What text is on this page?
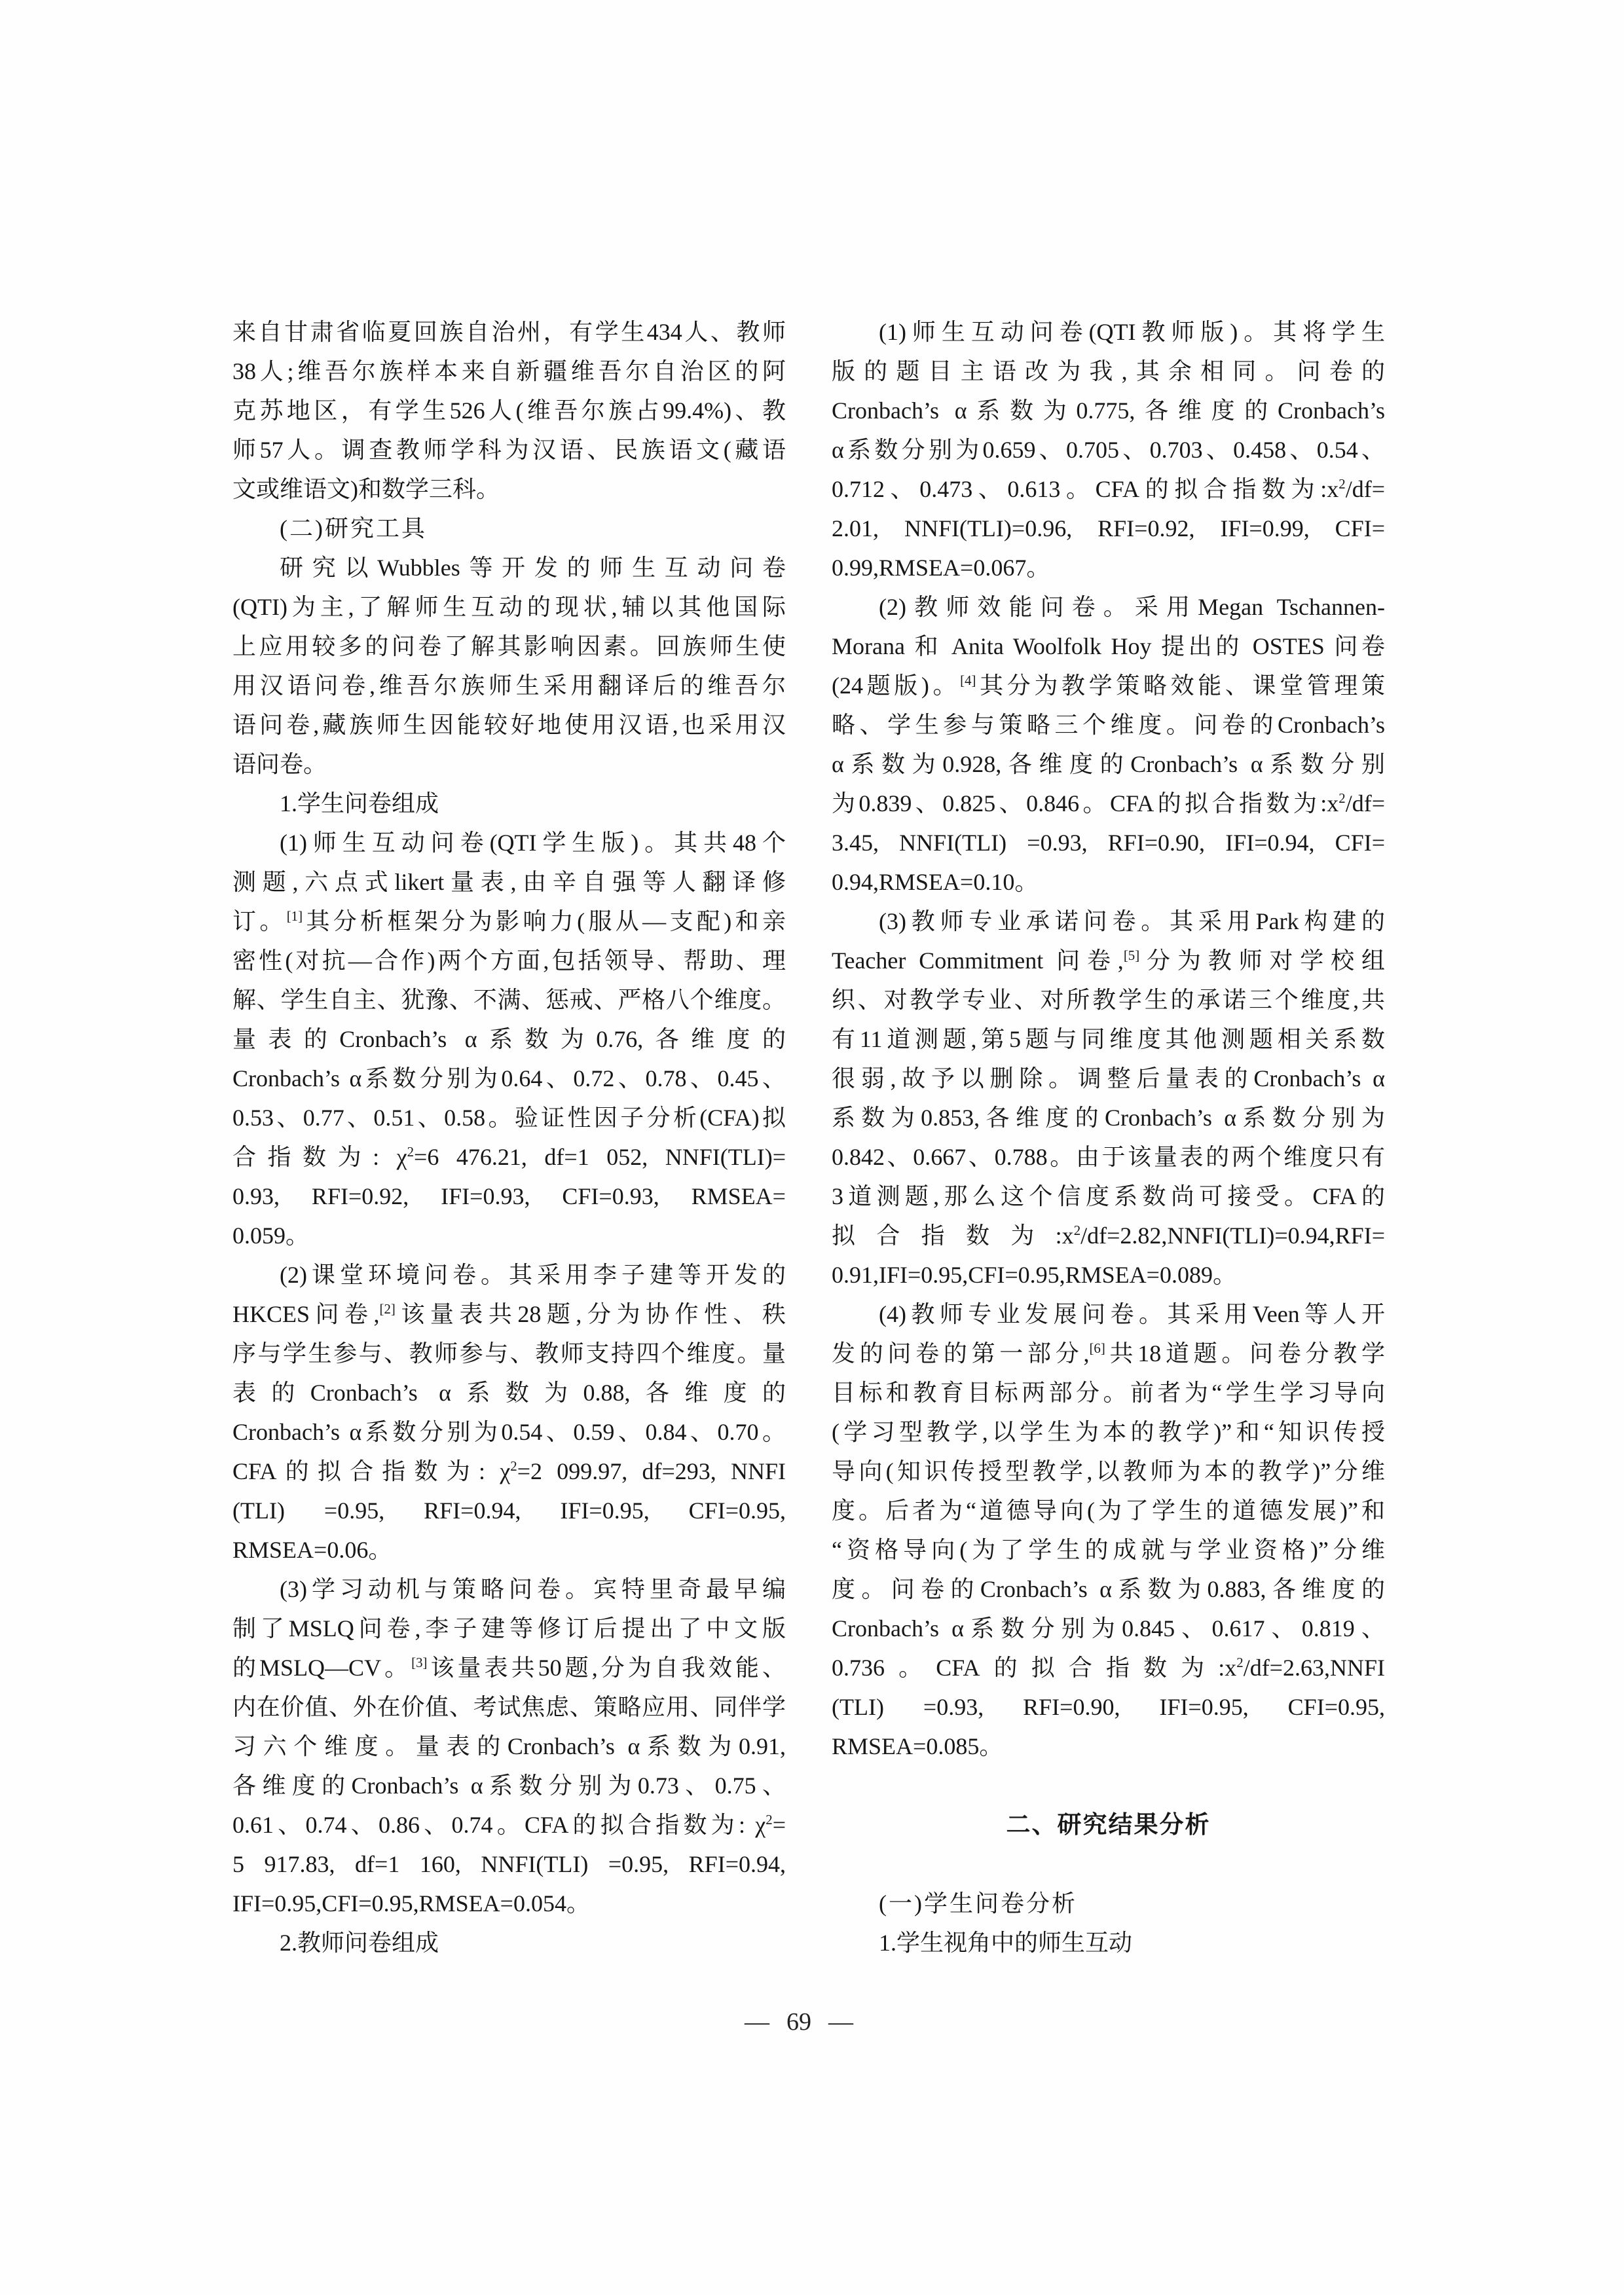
来自甘肃省临夏回族自治州，有学生434人、教师
38人;维吾尔族样本来自新疆维吾尔自治区的阿
克苏地区，有学生526人(维吾尔族占99.4%)、教
师57人。调查教师学科为汉语、民族语文(藏语
文或维语文)和数学三科。
(二)研究工具
研究以Wubbles等开发的师生互动问卷
(QTI)为主,了解师生互动的现状,辅以其他国际
上应用较多的问卷了解其影响因素。回族师生使
用汉语问卷,维吾尔族师生采用翻译后的维吾尔
语问卷,藏族师生因能较好地使用汉语,也采用汉
语问卷。
1.学生问卷组成
(1)师生互动问卷(QTI学生版)。其共48个
测题,六点式likert量表,由辛自强等人翻译修
订。[1]其分析框架分为影响力(服从—支配)和亲
密性(对抗—合作)两个方面,包括领导、帮助、理
解、学生自主、犹豫、不满、惩戒、严格八个维度。
量表的Cronbach’s α系数为0.76,各维度的
Cronbach’s α系数分别为0.64、0.72、0.78、0.45、
0.53、0.77、0.51、0.58。验证性因子分析(CFA)拟
合指数为: $\chi^2=6$ 476.21, df=1 052, NNFI(TLI)=
0.93, RFI=0.92, IFI=0.93, CFI=0.93, RMSEA=
0.059。
(2)课堂环境问卷。其采用李子建等开发的
HKCES问卷,[2]该量表共28题,分为协作性、秩
序与学生参与、教师参与、教师支持四个维度。量
表的Cronbach’s α系数为0.88,各维度的
Cronbach’s α系数分别为0.54、0.59、0.84、0.70。
CFA的拟合指数为: $\chi^2=2$ 099.97, df=293, NNFI
(TLI) =0.95, RFI=0.94, IFI=0.95, CFI=0.95,
RMSEA=0.06。
(3)学习动机与策略问卷。宾特里奇最早编
制了MSLQ问卷,李子建等修订后提出了中文版
的MSLQ—CV。[3]该量表共50题,分为自我效能、
内在价值、外在价值、考试焦虑、策略应用、同伴学
习六个维度。量表的Cronbach’s α系数为0.91,
各维度的Cronbach’s α系数分别为0.73、0.75、
0.61、0.74、0.86、0.74。CFA的拟合指数为: $\chi^2=$
5 917.83, df=1 160, NNFI(TLI) =0.95, RFI=0.94,
IFI=0.95,CFI=0.95,RMSEA=0.054。
2.教师问卷组成
(1)师生互动问卷(QTI教师版)。其将学生
版的题目主语改为我,其余相同。问卷的
Cronbach’s α系数为0.775,各维度的Cronbach’s
α系数分别为0.659、0.705、0.703、0.458、0.54、
0.712、0.473、0.613。CFA的拟合指数为$:x^2/df=$
2.01, NNFI(TLI)=0.96, RFI=0.92, IFI=0.99, CFI=
0.99,RMSEA=0.067。
(2)教师效能问卷。采用Megan Tschannen-
Morana 和 Anita Woolfolk Hoy 提出的 OSTES 问卷
(24题版)。[4]其分为教学策略效能、课堂管理策
略、学生参与策略三个维度。问卷的Cronbach’s
α系数为0.928,各维度的Cronbach’s α系数分别
为0.839、0.825、0.846。CFA的拟合指数为$:x^2/df=$
3.45, NNFI(TLI) =0.93, RFI=0.90, IFI=0.94, CFI=
0.94,RMSEA=0.10。
(3)教师专业承诺问卷。其采用Park构建的
Teacher Commitment 问卷,[5]分为教师对学校组
织、对教学专业、对所教学生的承诺三个维度,共
有11道测题,第5题与同维度其他测题相关系数
很弱,故予以删除。调整后量表的Cronbach’s α
系数为0.853,各维度的Cronbach’s α系数分别为
0.842、0.667、0.788。由于该量表的两个维度只有
3道测题,那么这个信度系数尚可接受。CFA的
拟合指数为$:x^2/df=2.82,NNFI(TLI)=0.94,RFI=$
0.91,IFI=0.95,CFI=0.95,RMSEA=0.089。
(4)教师专业发展问卷。其采用Veen等人开
发的问卷的第一部分,[6]共18道题。问卷分教学
目标和教育目标两部分。前者为“学生学习导向
(学习型教学,以学生为本的教学)”和“知识传授
导向(知识传授型教学,以教师为本的教学)”分维
度。后者为“道德导向(为了学生的道德发展)”和
“资格导向(为了学生的成就与学业资格)”分维
度。问卷的Cronbach’s α系数为0.883,各维度的
Cronbach’s α系数分别为0.845、0.617、0.819、
0.736。CFA的拟合指数为$:x^2/df=2.63,NNFI$
(TLI) =0.93, RFI=0.90, IFI=0.95, CFI=0.95,
RMSEA=0.085。
二、研究结果分析
(一)学生问卷分析
1.学生视角中的师生互动
— 69 —
